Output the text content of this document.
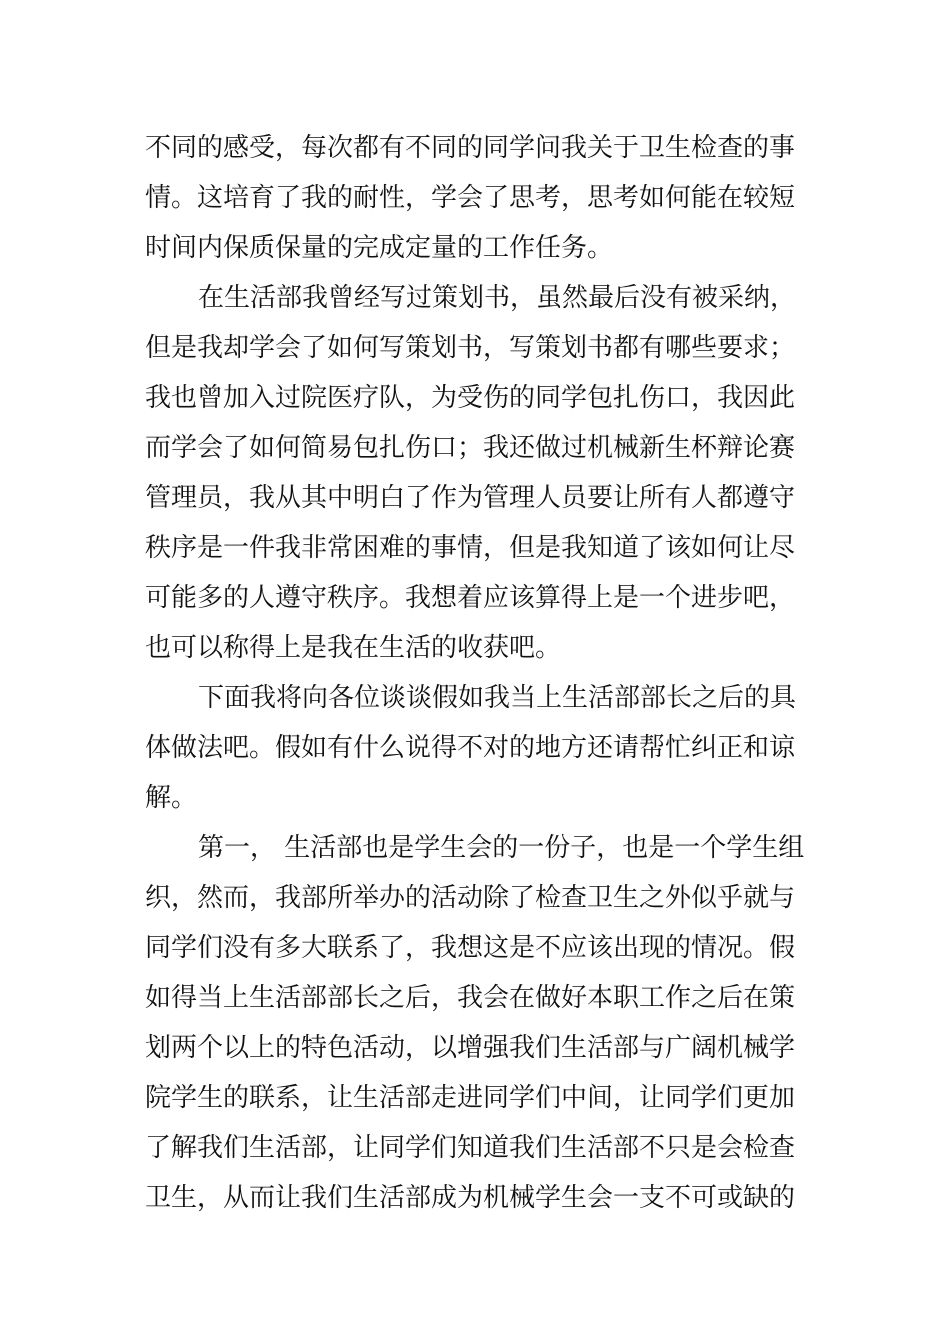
不同的感受，每次都有不同的同学问我关于卫生检查的事

情。这培育了我的耐性，学会了思考，思考如何能在较短

时间内保质保量的完成定量的工作任务。

在生活部我曾经写过策划书，虽然最后没有被采纳，

但是我却学会了如何写策划书，写策划书都有哪些要求；

我也曾加入过院医疗队，为受伤的同学包扎伤口，我因此

而学会了如何简易包扎伤口；我还做过机械新生杯辩论赛

管理员，我从其中明白了作为管理人员要让所有人都遵守

秩序是一件我非常困难的事情，但是我知道了该如何让尽

可能多的人遵守秩序。我想着应该算得上是一个进步吧，

也可以称得上是我在生活的收获吧。

下面我将向各位谈谈假如我当上生活部部长之后的具

体做法吧。假如有什么说得不对的地方还请帮忙纠正和谅

解。

第一， 生活部也是学生会的一份子，也是一个学生组

织，然而，我部所举办的活动除了检查卫生之外似乎就与

同学们没有多大联系了，我想这是不应该出现的情况。假

如得当上生活部部长之后，我会在做好本职工作之后在策

划两个以上的特色活动，以增强我们生活部与广阔机械学

院学生的联系，让生活部走进同学们中间，让同学们更加

了解我们生活部，让同学们知道我们生活部不只是会检查

卫生，从而让我们生活部成为机械学生会一支不可或缺的
